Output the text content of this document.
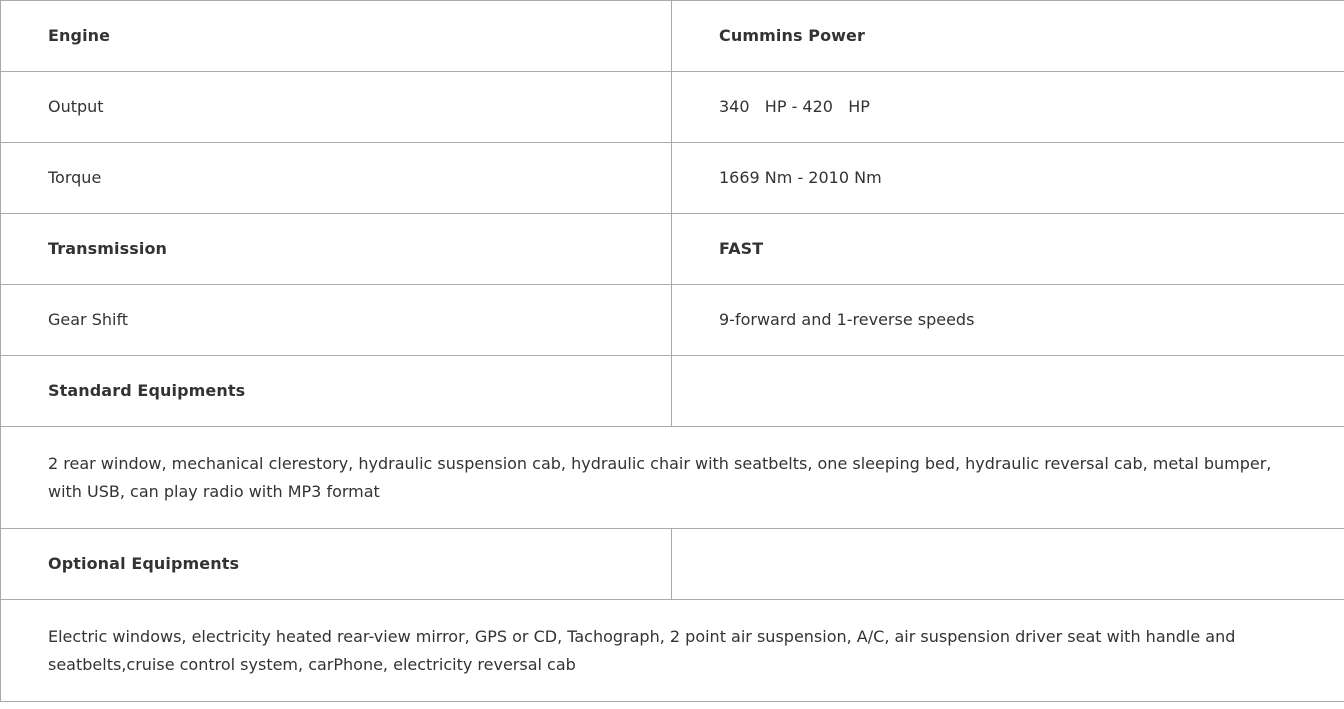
Engine	Cummins Power
Output	340   HP - 420   HP
Torque	1669 Nm - 2010 Nm
Transmission	FAST
Gear Shift	9-forward and 1-reverse speeds
Standard Equipments	
2 rear window, mechanical clerestory, hydraulic suspension cab, hydraulic chair with seatbelts, one sleeping bed, hydraulic reversal cab, metal bumper, with USB, can play radio with MP3 format	
Optional Equipments	
Electric windows, electricity heated rear-view mirror, GPS or CD, Tachograph, 2 point air suspension, A/C, air suspension driver seat with handle and seatbelts,cruise control system, carPhone, electricity reversal cab	
